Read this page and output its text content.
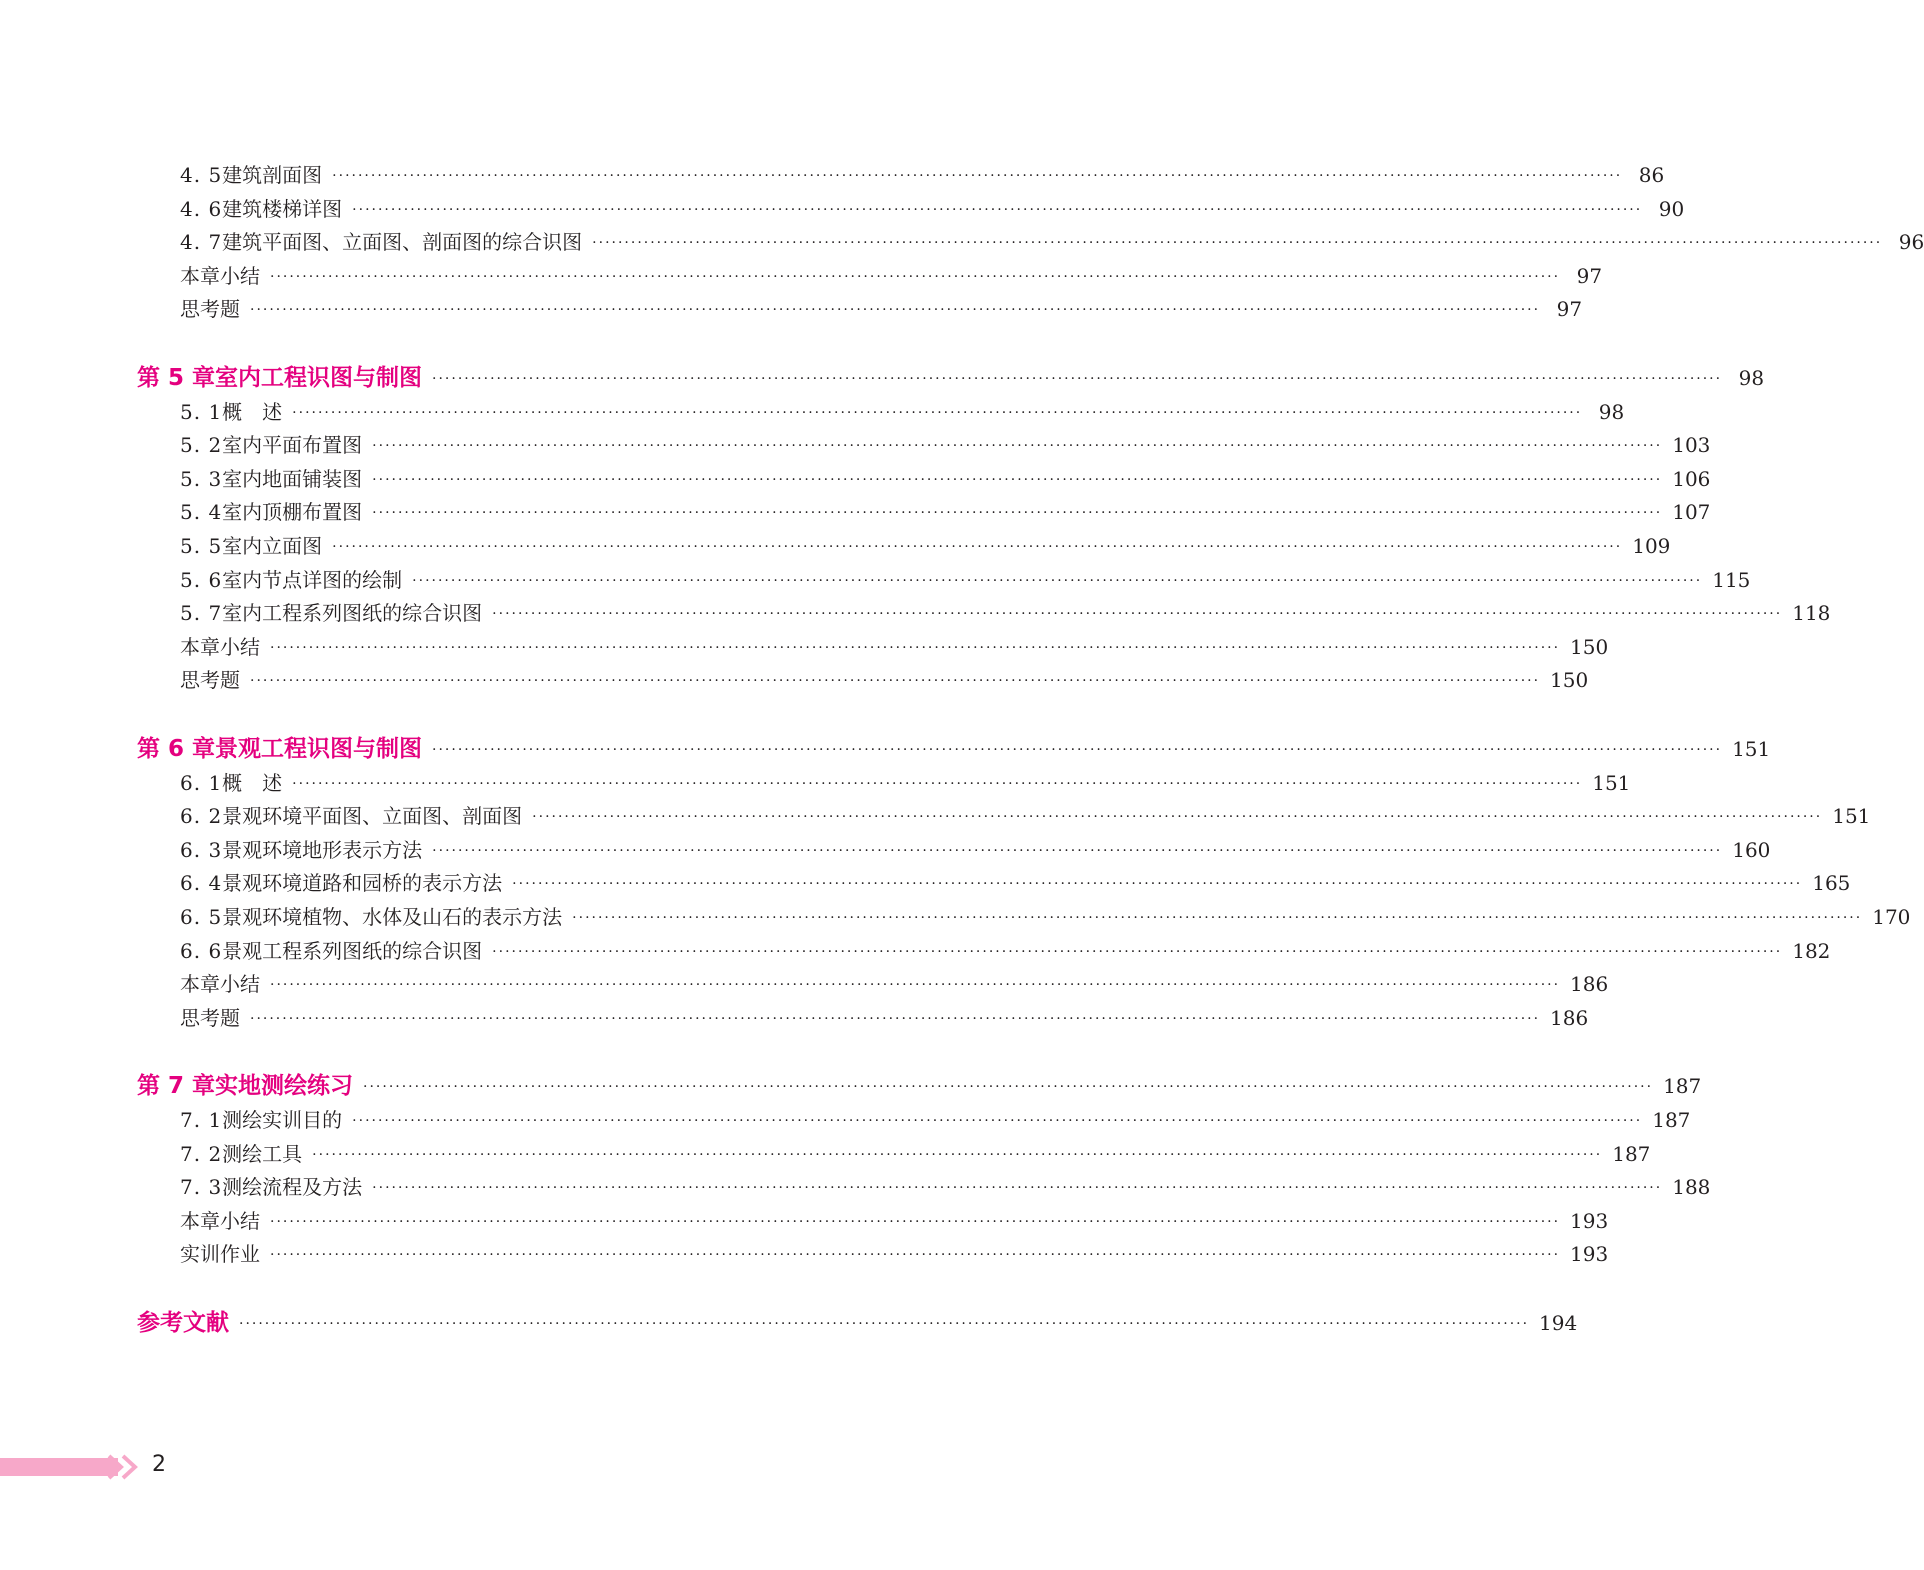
4. 5 建筑剖面图 ········································································································································································································ 86
4. 6 建筑楼梯详图 ········································································································································································································ 90
4. 7 建筑平面图、立面图、剖面图的综合识图 ········································································································································································································ 96
本章小结 ········································································································································································································ 97
思考题 ········································································································································································································ 97
第 5 章 室内工程识图与制图 ········································································································································································································ 98
5. 1 概　述 ········································································································································································································ 98
5. 2 室内平面布置图 ········································································································································································································ 103
5. 3 室内地面铺装图 ········································································································································································································ 106
5. 4 室内顶棚布置图 ········································································································································································································ 107
5. 5 室内立面图 ········································································································································································································ 109
5. 6 室内节点详图的绘制 ········································································································································································································ 115
5. 7 室内工程系列图纸的综合识图 ········································································································································································································ 118
本章小结 ········································································································································································································ 150
思考题 ········································································································································································································ 150
第 6 章 景观工程识图与制图 ········································································································································································································ 151
6. 1 概　述 ········································································································································································································ 151
6. 2 景观环境平面图、立面图、剖面图 ········································································································································································································ 151
6. 3 景观环境地形表示方法 ········································································································································································································ 160
6. 4 景观环境道路和园桥的表示方法 ········································································································································································································ 165
6. 5 景观环境植物、水体及山石的表示方法 ········································································································································································································ 170
6. 6 景观工程系列图纸的综合识图 ········································································································································································································ 182
本章小结 ········································································································································································································ 186
思考题 ········································································································································································································ 186
第 7 章 实地测绘练习 ········································································································································································································ 187
7. 1 测绘实训目的 ········································································································································································································ 187
7. 2 测绘工具 ········································································································································································································ 187
7. 3 测绘流程及方法 ········································································································································································································ 188
本章小结 ········································································································································································································ 193
实训作业 ········································································································································································································ 193
参考文献 ········································································································································································································ 194
2
